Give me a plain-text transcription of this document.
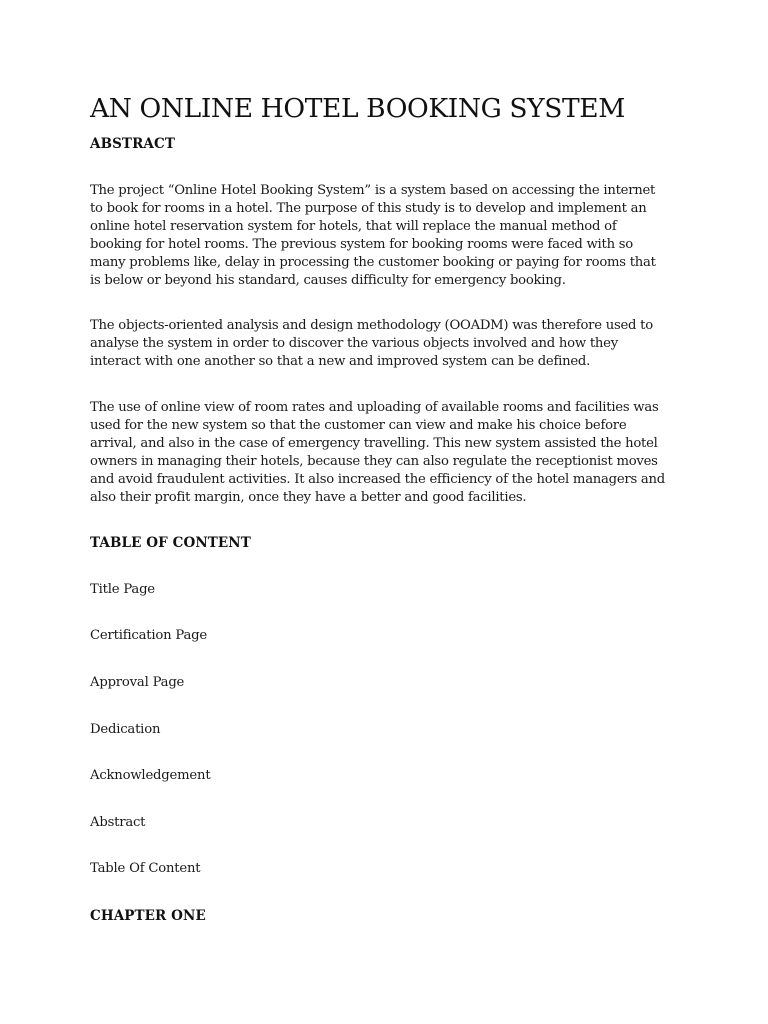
AN ONLINE HOTEL BOOKING SYSTEM
ABSTRACT

The project “Online Hotel Booking System” is a system based on accessing the internet
to book for rooms in a hotel. The purpose of this study is to develop and implement an
online hotel reservation system for hotels, that will replace the manual method of
booking for hotel rooms. The previous system for booking rooms were faced with so
many problems like, delay in processing the customer booking or paying for rooms that
is below or beyond his standard, causes difficulty for emergency booking.

The objects-oriented analysis and design methodology (OOADM) was therefore used to
analyse the system in order to discover the various objects involved and how they
interact with one another so that a new and improved system can be defined.

The use of online view of room rates and uploading of available rooms and facilities was
used for the new system so that the customer can view and make his choice before
arrival, and also in the case of emergency travelling. This new system assisted the hotel
owners in managing their hotels, because they can also regulate the receptionist moves
and avoid fraudulent activities. It also increased the efficiency of the hotel managers and
also their profit margin, once they have a better and good facilities.

TABLE OF CONTENT

Title Page

Certification Page

Approval Page

Dedication

Acknowledgement

Abstract

Table Of Content

CHAPTER ONE
